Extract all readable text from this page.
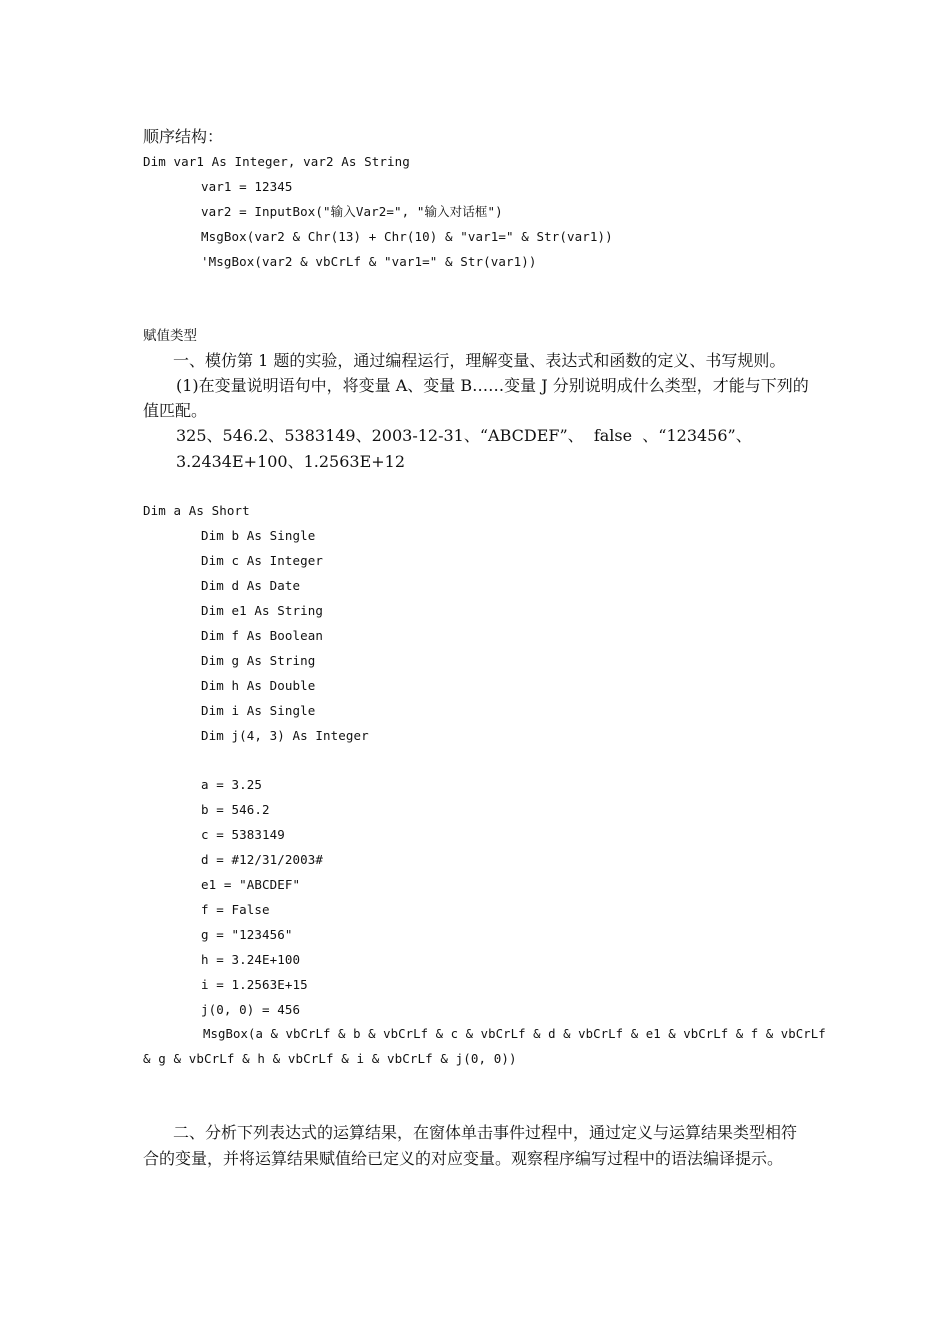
顺序结构：
Dim var1 As Integer, var2 As String
var1 = 12345
var2 = InputBox("输入Var2=", "输入对话框")
MsgBox(var2 & Chr(13) + Chr(10) & "var1=" & Str(var1))
'MsgBox(var2 & vbCrLf & "var1=" & Str(var1))
赋值类型
一、模仿第 1 题的实验，通过编程运行，理解变量、表达式和函数的定义、书写规则。
(1)在变量说明语句中，将变量 A、变量 B……变量 J 分别说明成什么类型，才能与下列的
值匹配。
325、546.2、5383149、2003-12-31、“ABCDEF”、  false  、“123456”、
3.2434E+100、1.2563E+12
Dim a As Short
Dim b As Single
Dim c As Integer
Dim d As Date
Dim e1 As String
Dim f As Boolean
Dim g As String
Dim h As Double
Dim i As Single
Dim j(4, 3) As Integer
a = 3.25
b = 546.2
c = 5383149
d = #12/31/2003#
e1 = "ABCDEF"
f = False
g = "123456"
h = 3.24E+100
i = 1.2563E+15
j(0, 0) = 456
MsgBox(a & vbCrLf & b & vbCrLf & c & vbCrLf & d & vbCrLf & e1 & vbCrLf & f & vbCrLf
& g & vbCrLf & h & vbCrLf & i & vbCrLf & j(0, 0))
二、分析下列表达式的运算结果，在窗体单击事件过程中，通过定义与运算结果类型相符
合的变量，并将运算结果赋值给已定义的对应变量。观察程序编写过程中的语法编译提示。
